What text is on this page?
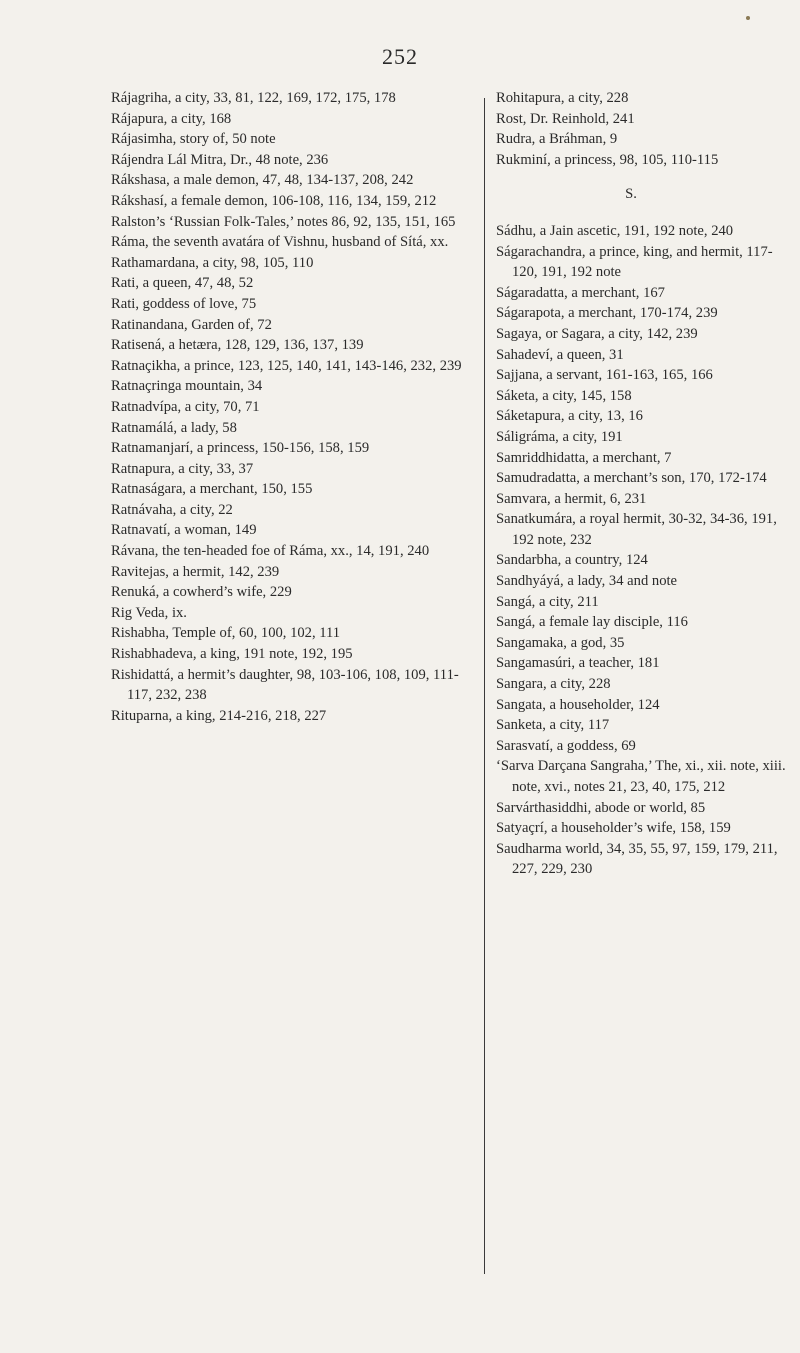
252

Rájagriha, a city, 33, 81, 122, 169, 172, 175, 178

Rájapura, a city, 168

Rájasimha, story of, 50 note

Rájendra Lál Mitra, Dr., 48 note, 236

Rákshasa, a male demon, 47, 48, 134-137, 208, 242

Rákshasí, a female demon, 106-108, 116, 134, 159, 212

Ralston’s ‘Russian Folk-Tales,’ notes 86, 92, 135, 151, 165

Ráma, the seventh avatára of Vishnu, husband of Sítá, xx.

Rathamardana, a city, 98, 105, 110

Rati, a queen, 47, 48, 52

Rati, goddess of love, 75

Ratinandana, Garden of, 72

Ratisená, a hetæra, 128, 129, 136, 137, 139

Ratnaçikha, a prince, 123, 125, 140, 141, 143-146, 232, 239

Ratnaçringa mountain, 34

Ratnadvípa, a city, 70, 71

Ratnamálá, a lady, 58

Ratnamanjarí, a princess, 150-156, 158, 159

Ratnapura, a city, 33, 37

Ratnaságara, a merchant, 150, 155

Ratnávaha, a city, 22

Ratnavatí, a woman, 149

Rávana, the ten-headed foe of Ráma, xx., 14, 191, 240

Ravitejas, a hermit, 142, 239

Renuká, a cowherd’s wife, 229

Rig Veda, ix.

Rishabha, Temple of, 60, 100, 102, 111

Rishabhadeva, a king, 191 note, 192, 195

Rishidattá, a hermit’s daughter, 98, 103-106, 108, 109, 111-117, 232, 238

Rituparna, a king, 214-216, 218, 227

Rohitapura, a city, 228

Rost, Dr. Reinhold, 241

Rudra, a Bráhman, 9

Rukminí, a princess, 98, 105, 110-115

S.

Sádhu, a Jain ascetic, 191, 192 note, 240

Ságarachandra, a prince, king, and hermit, 117-120, 191, 192 note

Ságaradatta, a merchant, 167

Ságarapota, a merchant, 170-174, 239

Sagaya, or Sagara, a city, 142, 239

Sahadeví, a queen, 31

Sajjana, a servant, 161-163, 165, 166

Sáketa, a city, 145, 158

Sáketapura, a city, 13, 16

Sáligráma, a city, 191

Samriddhidatta, a merchant, 7

Samudradatta, a merchant’s son, 170, 172-174

Samvara, a hermit, 6, 231

Sanatkumára, a royal hermit, 30-32, 34-36, 191, 192 note, 232

Sandarbha, a country, 124

Sandhyáyá, a lady, 34 and note

Sangá, a city, 211

Sangá, a female lay disciple, 116

Sangamaka, a god, 35

Sangamasúri, a teacher, 181

Sangara, a city, 228

Sangata, a householder, 124

Sanketa, a city, 117

Sarasvatí, a goddess, 69

‘Sarva Darçana Sangraha,’ The, xi., xii. note, xiii. note, xvi., notes 21, 23, 40, 175, 212

Sarvárthasiddhi, abode or world, 85

Satyaçrí, a householder’s wife, 158, 159

Saudharma world, 34, 35, 55, 97, 159, 179, 211, 227, 229, 230
